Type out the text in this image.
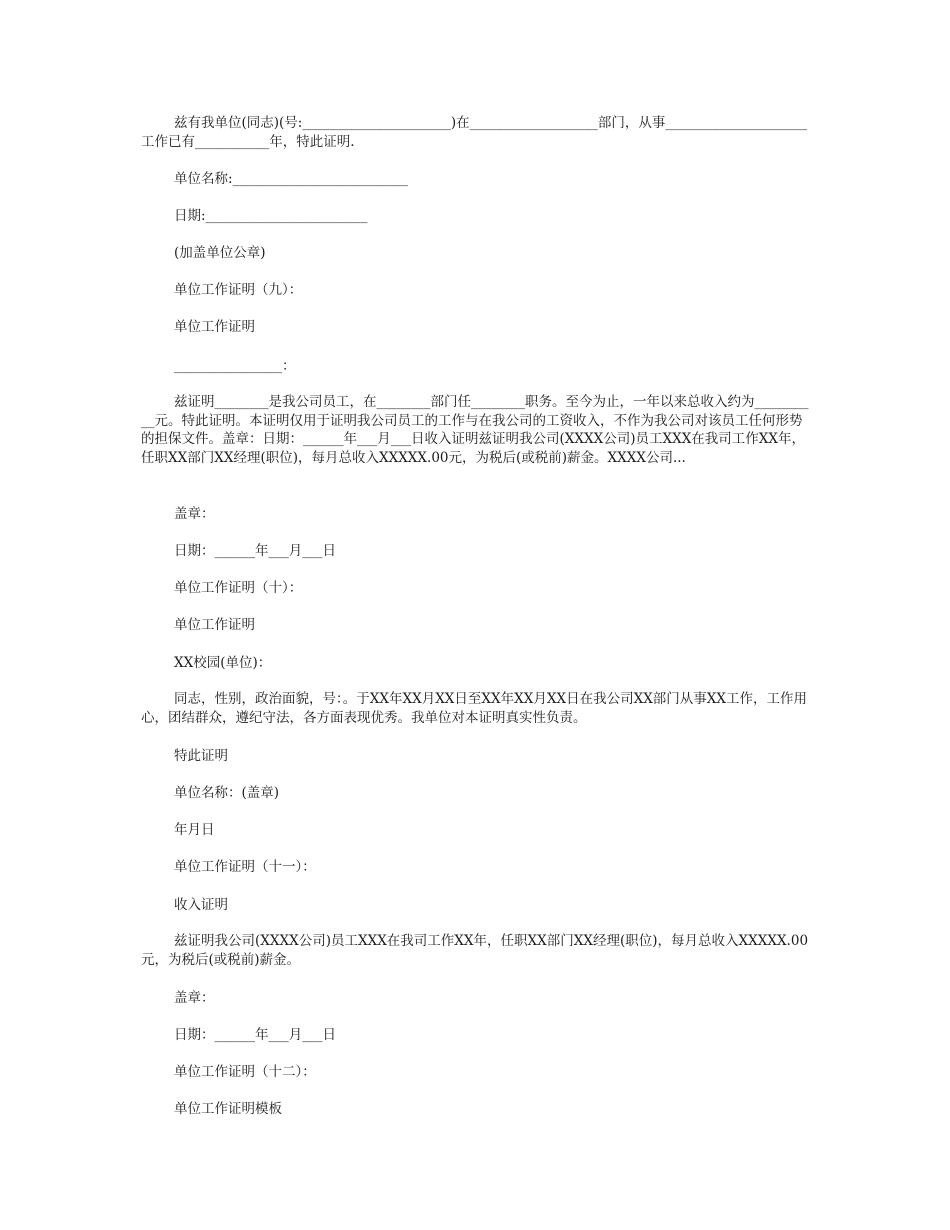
兹有我单位(同志)(号:______________________)在___________________部门，从事_____________________工作已有___________年，特此证明.
单位名称:__________________________
日期:________________________
(加盖单位公章)
单位工作证明（九）：
单位工作证明
________________：
兹证明________是我公司员工，在________部门任________职务。至今为止，一年以来总收入约为__________元。特此证明。本证明仅用于证明我公司员工的工作与在我公司的工资收入，不作为我公司对该员工任何形势的担保文件。盖章：日期：______年___月___日收入证明兹证明我公司(XXXX公司)员工XXX在我司工作XX年，任职XX部门XX经理(职位)，每月总收入XXXXX.00元，为税后(或税前)薪金。XXXX公司...
盖章：
日期：______年___月___日
单位工作证明（十）：
单位工作证明
XX校园(单位)：
同志，性别，政治面貌，号：。于XX年XX月XX日至XX年XX月XX日在我公司XX部门从事XX工作，工作用心，团结群众，遵纪守法，各方面表现优秀。我单位对本证明真实性负责。
特此证明
单位名称：(盖章)
年月日
单位工作证明（十一）：
收入证明
兹证明我公司(XXXX公司)员工XXX在我司工作XX年，任职XX部门XX经理(职位)，每月总收入XXXXX.00元，为税后(或税前)薪金。
盖章：
日期：______年___月___日
单位工作证明（十二）：
单位工作证明模板
